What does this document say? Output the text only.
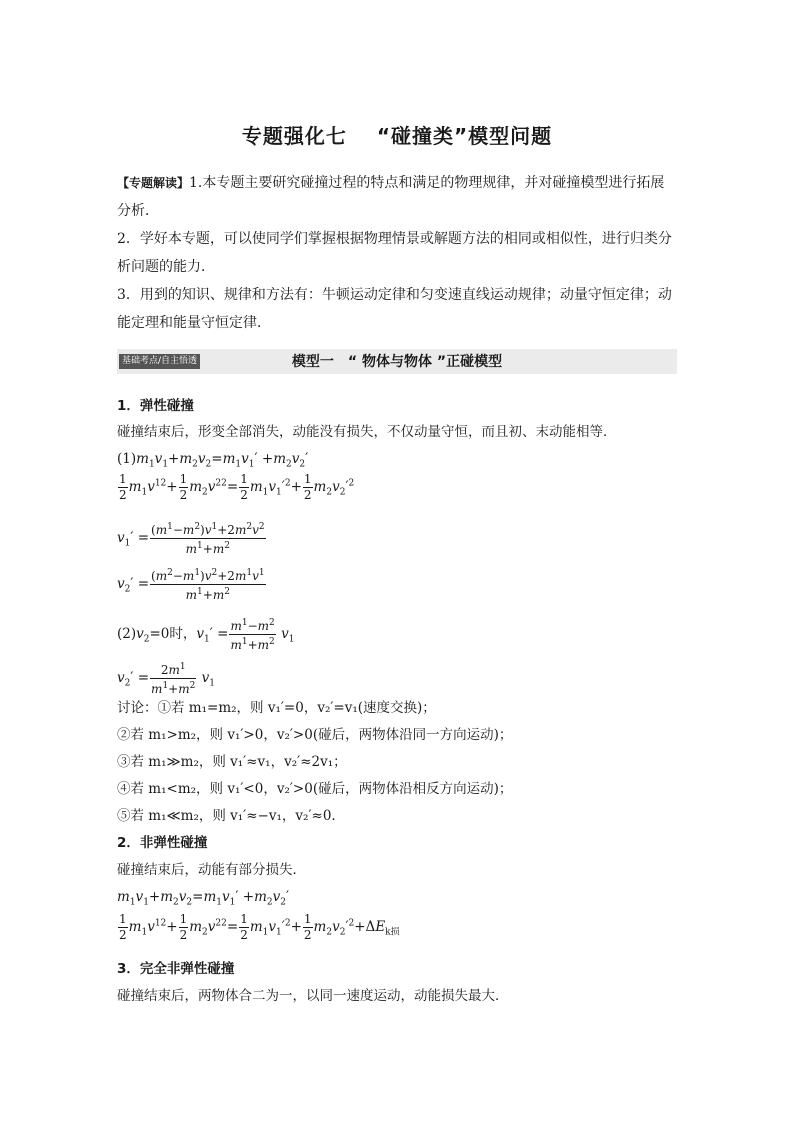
专题强化七 “碰撞类”模型问题
【专题解读】1.本专题主要研究碰撞过程的特点和满足的物理规律，并对碰撞模型进行拓展分析．
2．学好本专题，可以使同学们掌握根据物理情景或解题方法的相同或相似性，进行归类分析问题的能力．
3．用到的知识、规律和方法有：牛顿运动定律和匀变速直线运动规律；动量守恒定律；动能定理和能量守恒定律．
模型一　“ 物体与物体 ”正碰模型
基础考点/自主悟透
1．弹性碰撞
碰撞结束后，形变全部消失，动能没有损失，不仅动量守恒，而且初、末动能相等．
$(1)m_1v_1+m_2v_2=m_1v_1' +m_2v_2'$
$\frac{1}{2} m_1v^{12}+ \frac{1}{2} m_2v^{22}= \frac{1}{2} m_1v_1'^2+ \frac{1}{2} m_2v_2'^2$
$v_1' = \frac{(m^1-m^2)v^1+2m^2v^2}{m^1+m^2}$
$v_2' = \frac{(m^2-m^1)v^2+2m^1v^1}{m^1+m^2}$
$(2)v_2=0$时，$v_1' = \frac{m^1-m^2}{m^1+m^2} v_1$
$v_2' = \frac{2m^1}{m^1+m^2} v_1$
讨论：①若 m₁=m₂，则 v₁′=0，v₂′=v₁(速度交换)；
②若 m₁>m₂，则 v₁′>0，v₂′>0(碰后，两物体沿同一方向运动)；
③若 m₁≫m₂，则 v₁′≈v₁，v₂′≈2v₁；
④若 m₁<m₂，则 v₁′<0，v₂′>0(碰后，两物体沿相反方向运动)；
⑤若 m₁≪m₂，则 v₁′≈−v₁，v₂′≈0.
2．非弹性碰撞
碰撞结束后，动能有部分损失．
$m_1v_1+m_2v_2=m_1v_1' +m_2v_2'$
$\frac{1}{2} m_1v^{12}+ \frac{1}{2} m_2v^{22}= \frac{1}{2} m_1v_1'^2+ \frac{1}{2} m_2v_2'^2+\Delta E_{k损}$
3．完全非弹性碰撞
碰撞结束后，两物体合二为一，以同一速度运动，动能损失最大．
